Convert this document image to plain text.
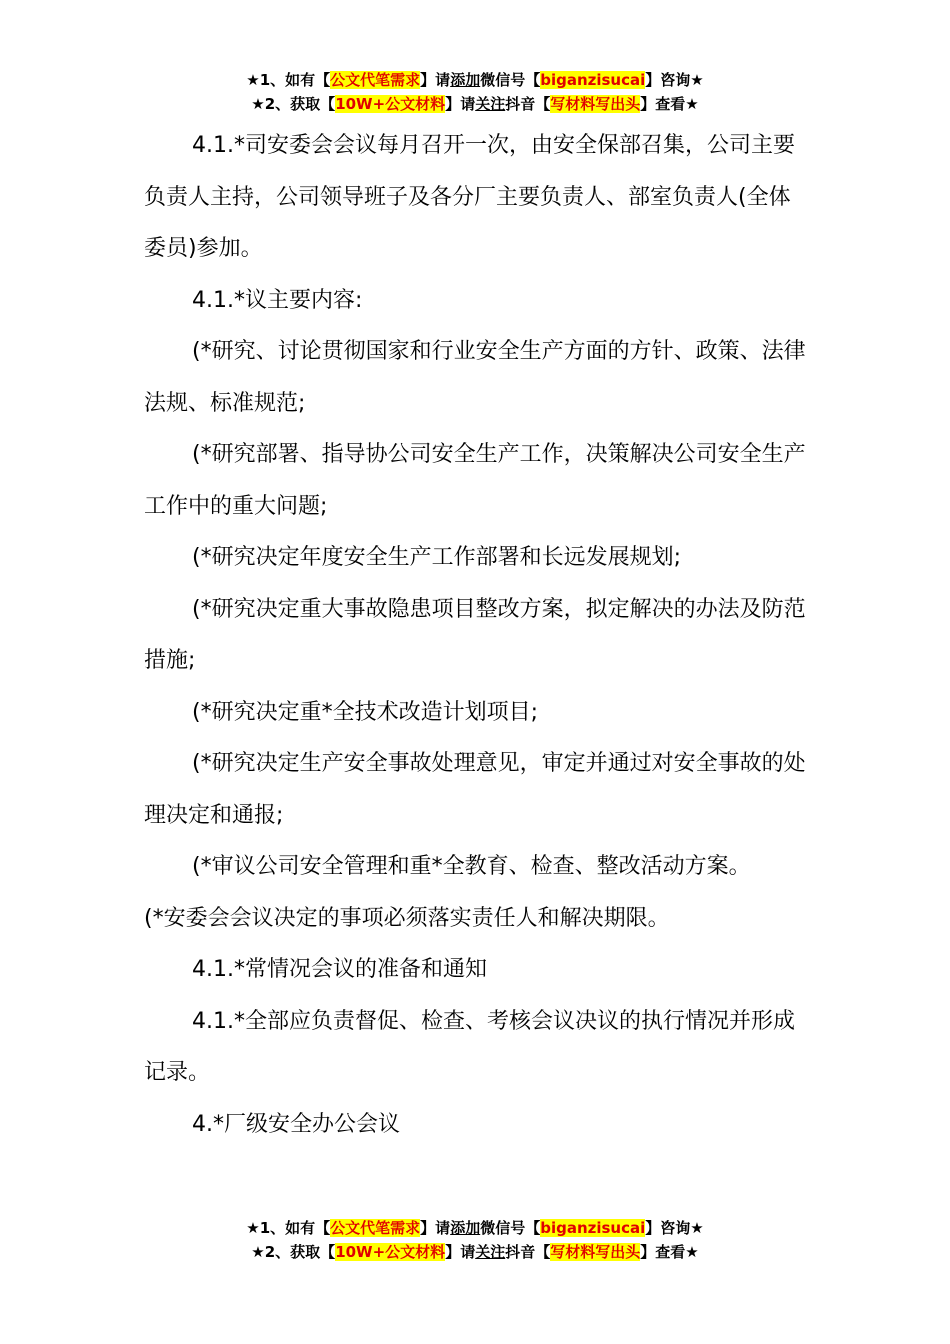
★1、如有【公文代笔需求】请添加微信号【biganzisucai】咨询★
★2、获取【10W+公文材料】请关注抖音【写材料写出头】查看★

4.1.*司安委会会议每月召开一次，由安全保部召集，公司主要负责人主持，公司领导班子及各分厂主要负责人、部室负责人(全体委员)参加。

4.1.*议主要内容:

(*研究、讨论贯彻国家和行业安全生产方面的方针、政策、法律法规、标准规范;

(*研究部署、指导协公司安全生产工作，决策解决公司安全生产工作中的重大问题;

(*研究决定年度安全生产工作部署和长远发展规划;

(*研究决定重大事故隐患项目整改方案，拟定解决的办法及防范措施;

(*研究决定重*全技术改造计划项目;

(*研究决定生产安全事故处理意见，审定并通过对安全事故的处理决定和通报;

(*审议公司安全管理和重*全教育、检查、整改活动方案。

(*安委会会议决定的事项必须落实责任人和解决期限。

4.1.*常情况会议的准备和通知

4.1.*全部应负责督促、检查、考核会议决议的执行情况并形成记录。

4.*厂级安全办公会议

★1、如有【公文代笔需求】请添加微信号【biganzisucai】咨询★
★2、获取【10W+公文材料】请关注抖音【写材料写出头】查看★
